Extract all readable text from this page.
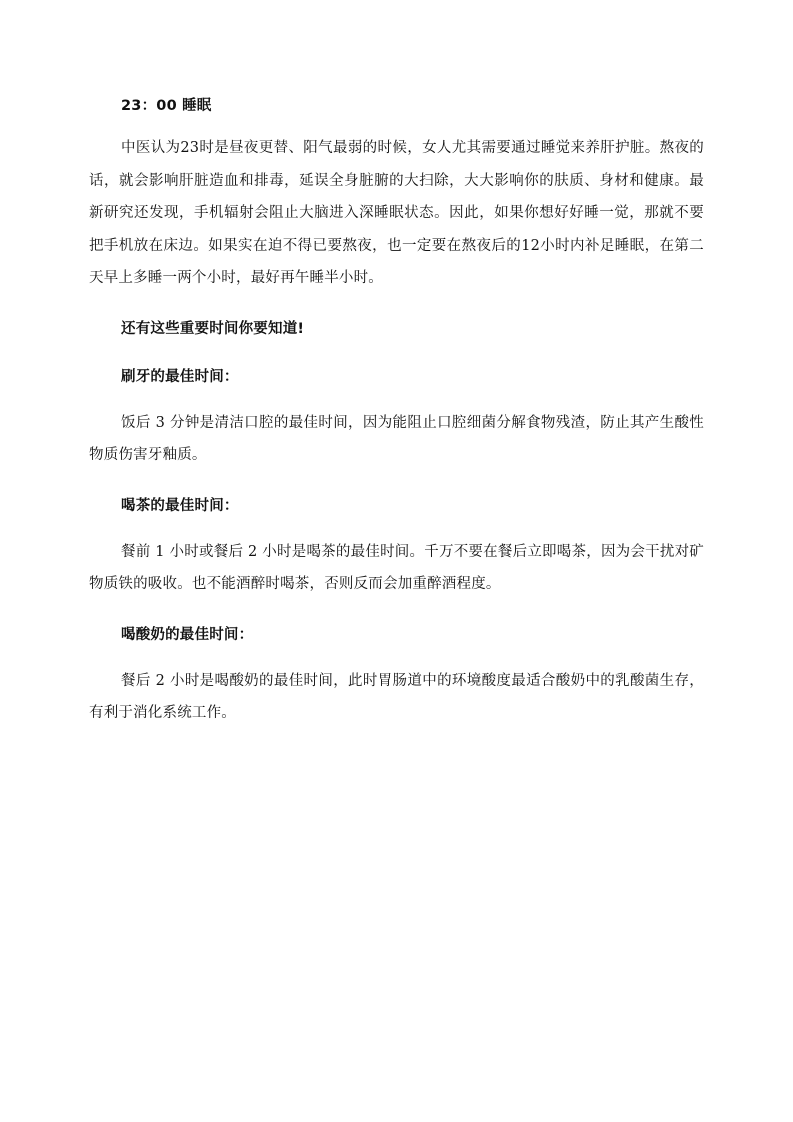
23：00 睡眠

中医认为23时是昼夜更替、阳气最弱的时候，女人尤其需要通过睡觉来养肝护脏。熬夜的话，就会影响肝脏造血和排毒，延误全身脏腑的大扫除，大大影响你的肤质、身材和健康。最新研究还发现，手机辐射会阻止大脑进入深睡眠状态。因此，如果你想好好睡一觉，那就不要把手机放在床边。如果实在迫不得已要熬夜，也一定要在熬夜后的12小时内补足睡眠，在第二天早上多睡一两个小时，最好再午睡半小时。

还有这些重要时间你要知道!
刷牙的最佳时间：

饭后 3 分钟是清洁口腔的最佳时间，因为能阻止口腔细菌分解食物残渣，防止其产生酸性物质伤害牙釉质。

喝茶的最佳时间：

餐前 1 小时或餐后 2 小时是喝茶的最佳时间。千万不要在餐后立即喝茶，因为会干扰对矿物质铁的吸收。也不能酒醉时喝茶，否则反而会加重醉酒程度。

喝酸奶的最佳时间：

餐后 2 小时是喝酸奶的最佳时间，此时胃肠道中的环境酸度最适合酸奶中的乳酸菌生存，有利于消化系统工作。
